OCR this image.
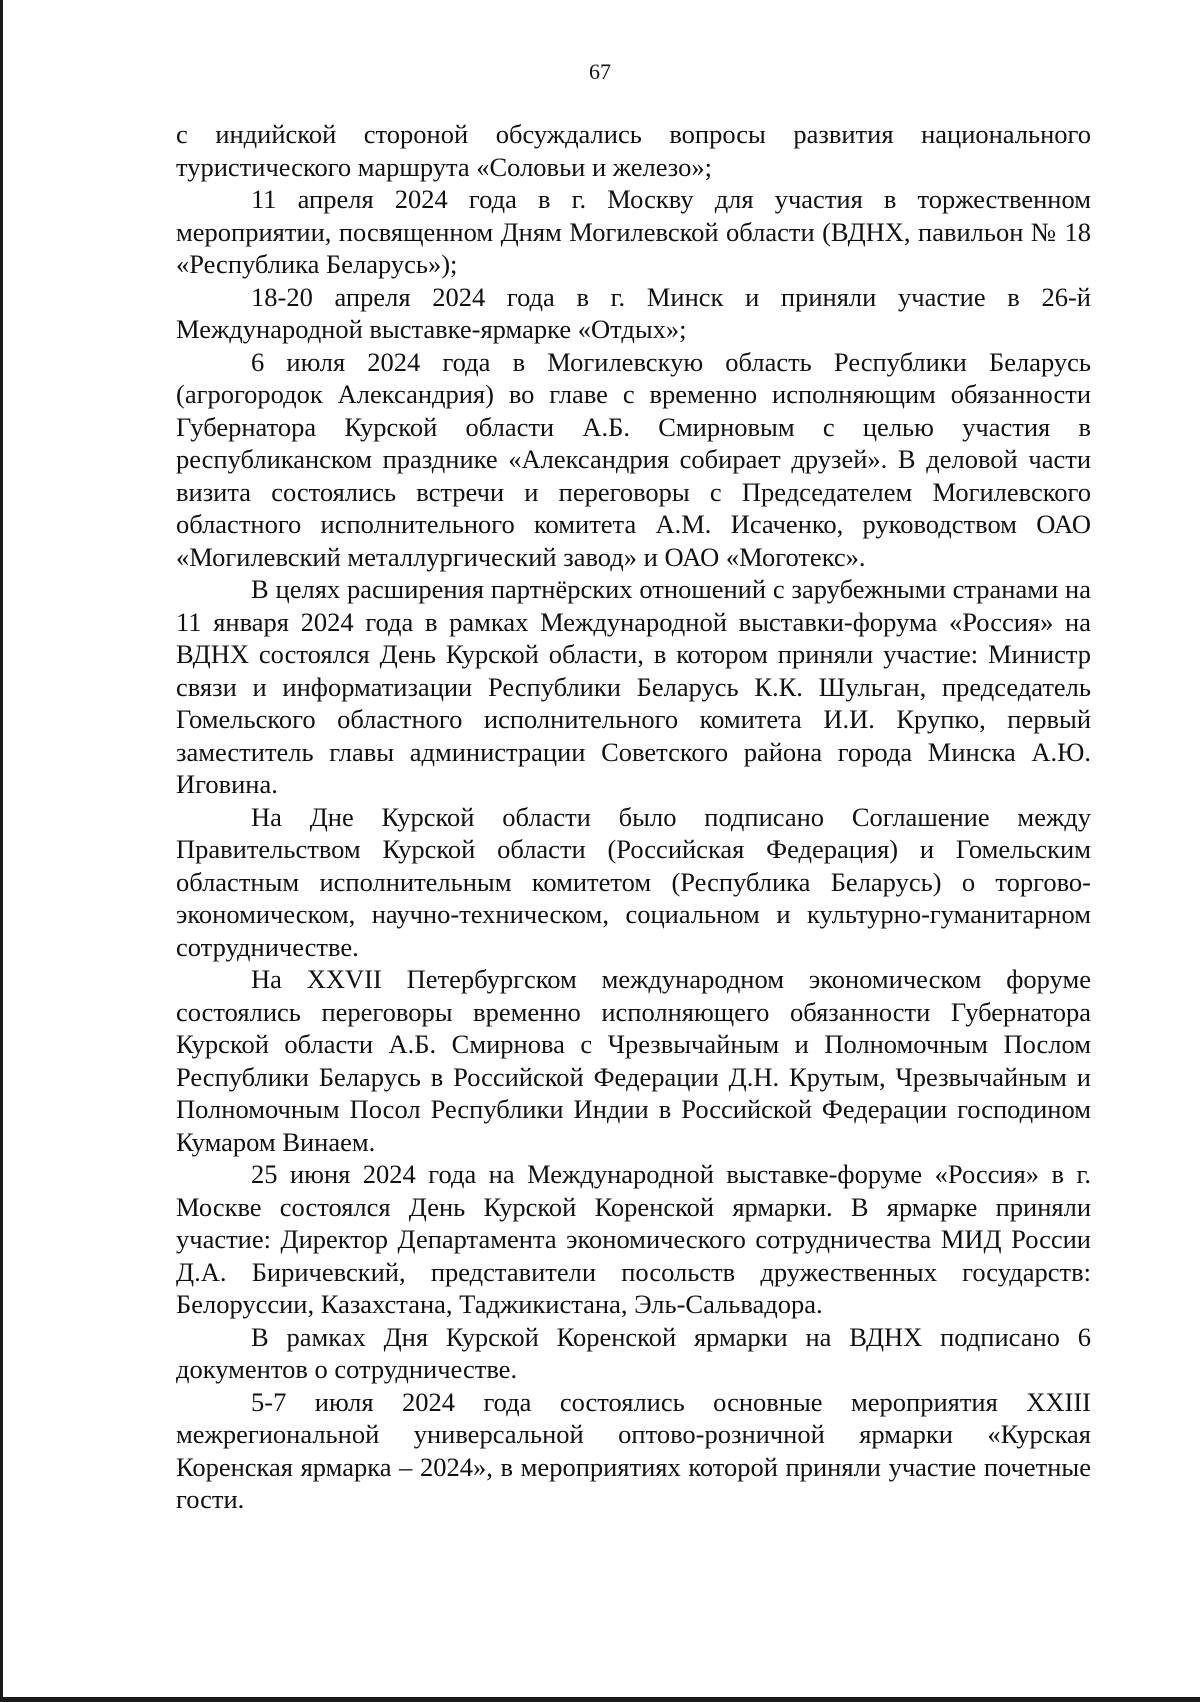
67

с индийской стороной обсуждались вопросы развития национального туристического маршрута «Соловьи и железо»;

11 апреля 2024 года в г. Москву для участия в торжественном мероприятии, посвященном Дням Могилевской области (ВДНХ, павильон № 18 «Республика Беларусь»);

18-20 апреля 2024 года в г. Минск и приняли участие в 26-й Международной выставке-ярмарке «Отдых»;

6 июля 2024 года в Могилевскую область Республики Беларусь (агрогородок Александрия) во главе с временно исполняющим обязанности Губернатора Курской области А.Б. Смирновым с целью участия в республиканском празднике «Александрия собирает друзей». В деловой части визита состоялись встречи и переговоры с Председателем Могилевского областного исполнительного комитета А.М. Исаченко, руководством ОАО «Могилевский металлургический завод» и ОАО «Моготекс».

В целях расширения партнёрских отношений с зарубежными странами на 11 января 2024 года в рамках Международной выставки-форума «Россия» на ВДНХ состоялся День Курской области, в котором приняли участие: Министр связи и информатизации Республики Беларусь К.К. Шульган, председатель Гомельского областного исполнительного комитета И.И. Крупко, первый заместитель главы администрации Советского района города Минска А.Ю. Иговина.

На Дне Курской области было подписано Соглашение между Правительством Курской области (Российская Федерация) и Гомельским областным исполнительным комитетом (Республика Беларусь) о торгово-экономическом, научно-техническом, социальном и культурно-гуманитарном сотрудничестве.

На XXVII Петербургском международном экономическом форуме состоялись переговоры временно исполняющего обязанности Губернатора Курской области А.Б. Смирнова с Чрезвычайным и Полномочным Послом Республики Беларусь в Российской Федерации Д.Н. Крутым, Чрезвычайным и Полномочным Посол Республики Индии в Российской Федерации господином Кумаром Винаем.

25 июня 2024 года на Международной выставке-форуме «Россия» в г. Москве состоялся День Курской Коренской ярмарки. В ярмарке приняли участие: Директор Департамента экономического сотрудничества МИД России Д.А. Биричевский, представители посольств дружественных государств: Белоруссии, Казахстана, Таджикистана, Эль-Сальвадора.

В рамках Дня Курской Коренской ярмарки на ВДНХ подписано 6 документов о сотрудничестве.

5-7 июля 2024 года состоялись основные мероприятия XXIII межрегиональной универсальной оптово-розничной ярмарки «Курская Коренская ярмарка – 2024», в мероприятиях которой приняли участие почетные гости.
